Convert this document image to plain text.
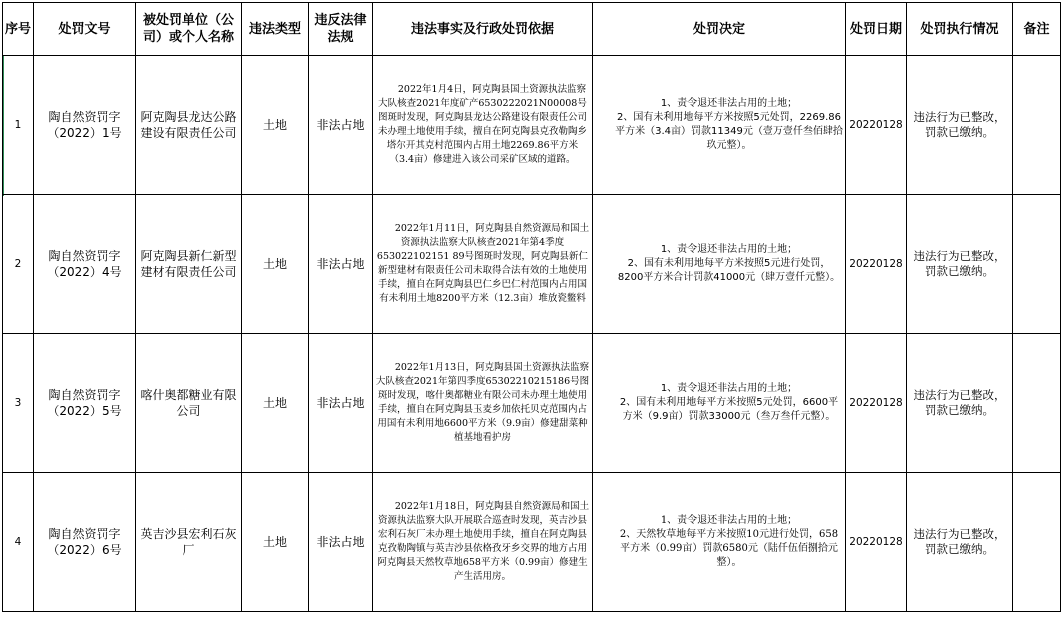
序号	处罚文号	被处罚单位（公司）或个人名称	违法类型	违反法律法规	违法事实及行政处罚依据	处罚决定	处罚日期	处罚执行情况	备注
1	陶自然资罚字（2022）1号	阿克陶县龙达公路建设有限责任公司	土地	非法占地	2022年1月4日，阿克陶县国土资源执法监察大队核查2021年度矿产6530222021N00008号图斑时发现，阿克陶县龙达公路建设有限责任公司未办理土地使用手续，擅自在阿克陶县克孜勒陶乡塔尔开其克村范围内占用土地2269.86平方米（3.4亩）修建进入该公司采矿区域的道路。	1、责令退还非法占用的土地；
2、国有未利用地每平方米按照5元处罚，2269.86平方米（3.4亩）罚款11349元（壹万壹仟叁佰肆拾玖元整）。	20220128	违法行为已整改，罚款已缴纳。	
2	陶自然资罚字（2022）4号	阿克陶县新仁新型建材有限责任公司	土地	非法占地	2022年1月11日，阿克陶县自然资源局和国土资源执法监察大队核查2021年第4季度653022102151 89号图斑时发现，阿克陶县新仁新型建材有限责任公司未取得合法有效的土地使用手续，擅自在阿克陶县巴仁乡巴仁村范围内占用国有未利用土地8200平方米（12.3亩）堆放瓷鳖料	1、责令退还非法占用的土地；
2、国有未利用地每平方米按照5元进行处罚，8200平方米合计罚款41000元（肆万壹仟元整）。	20220128	违法行为已整改，罚款已缴纳。	
3	陶自然资罚字（2022）5号	喀什奥都糖业有限公司	土地	非法占地	2022年1月13日，阿克陶县国土资源执法监察大队核查2021年第四季度65302210215186号图斑时发现，喀什奥都糖业有限公司未办理土地使用手续，擅自在阿克陶县玉麦乡加依托贝克范围内占用国有未利用地6600平方米（9.9亩）修建甜菜种植基地看护房	1、责令退还非法占用的土地；
2、国有未利用地每平方米按照5元处罚，6600平方米（9.9亩）罚款33000元（叁万叁仟元整）。	20220128	违法行为已整改，罚款已缴纳。	
4	陶自然资罚字（2022）6号	英吉沙县宏利石灰厂	土地	非法占地	2022年1月18日，阿克陶县自然资源局和国土资源执法监察大队开展联合巡查时发现，英吉沙县宏利石灰厂未办理土地使用手续，擅自在阿克陶县克孜勒陶镇与英吉沙县依格孜牙乡交界的地方占用阿克陶县天然牧草地658平方米（0.99亩）修建生产生活用房。	1、责令退还非法占用的土地；
2、天然牧草地每平方米按照10元进行处罚，658平方米（0.99亩）罚款6580元（陆仟伍佰捌拾元整）。	20220128	违法行为已整改，罚款已缴纳。	
